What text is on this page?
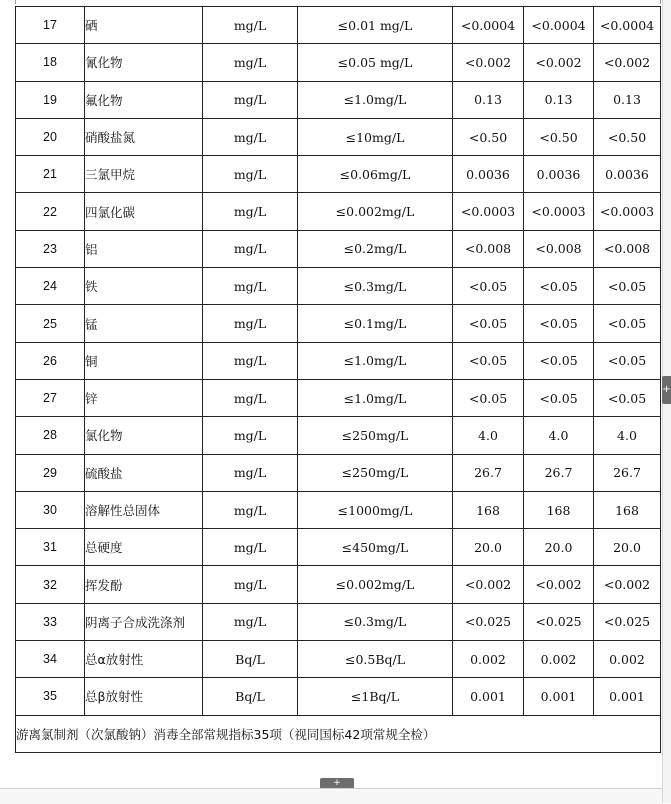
17	硒	mg/L	≤0.01 mg/L	<0.0004	<0.0004	<0.0004
18	氰化物	mg/L	≤0.05 mg/L	<0.002	<0.002	<0.002
19	氟化物	mg/L	≤1.0mg/L	0.13	0.13	0.13
20	硝酸盐氮	mg/L	≤10mg/L	<0.50	<0.50	<0.50
21	三氯甲烷	mg/L	≤0.06mg/L	0.0036	0.0036	0.0036
22	四氯化碳	mg/L	≤0.002mg/L	<0.0003	<0.0003	<0.0003
23	铝	mg/L	≤0.2mg/L	<0.008	<0.008	<0.008
24	铁	mg/L	≤0.3mg/L	<0.05	<0.05	<0.05
25	锰	mg/L	≤0.1mg/L	<0.05	<0.05	<0.05
26	铜	mg/L	≤1.0mg/L	<0.05	<0.05	<0.05
27	锌	mg/L	≤1.0mg/L	<0.05	<0.05	<0.05
28	氯化物	mg/L	≤250mg/L	4.0	4.0	4.0
29	硫酸盐	mg/L	≤250mg/L	26.7	26.7	26.7
30	溶解性总固体	mg/L	≤1000mg/L	168	168	168
31	总硬度	mg/L	≤450mg/L	20.0	20.0	20.0
32	挥发酚	mg/L	≤0.002mg/L	<0.002	<0.002	<0.002
33	阴离子合成洗涤剂	mg/L	≤0.3mg/L	<0.025	<0.025	<0.025
34	总α放射性	Bq/L	≤0.5Bq/L	0.002	0.002	0.002
35	总β放射性	Bq/L	≤1Bq/L	0.001	0.001	0.001
游离氯制剂（次氯酸钠）消毒全部常规指标35项（视同国标42项常规全检）						
+
+
